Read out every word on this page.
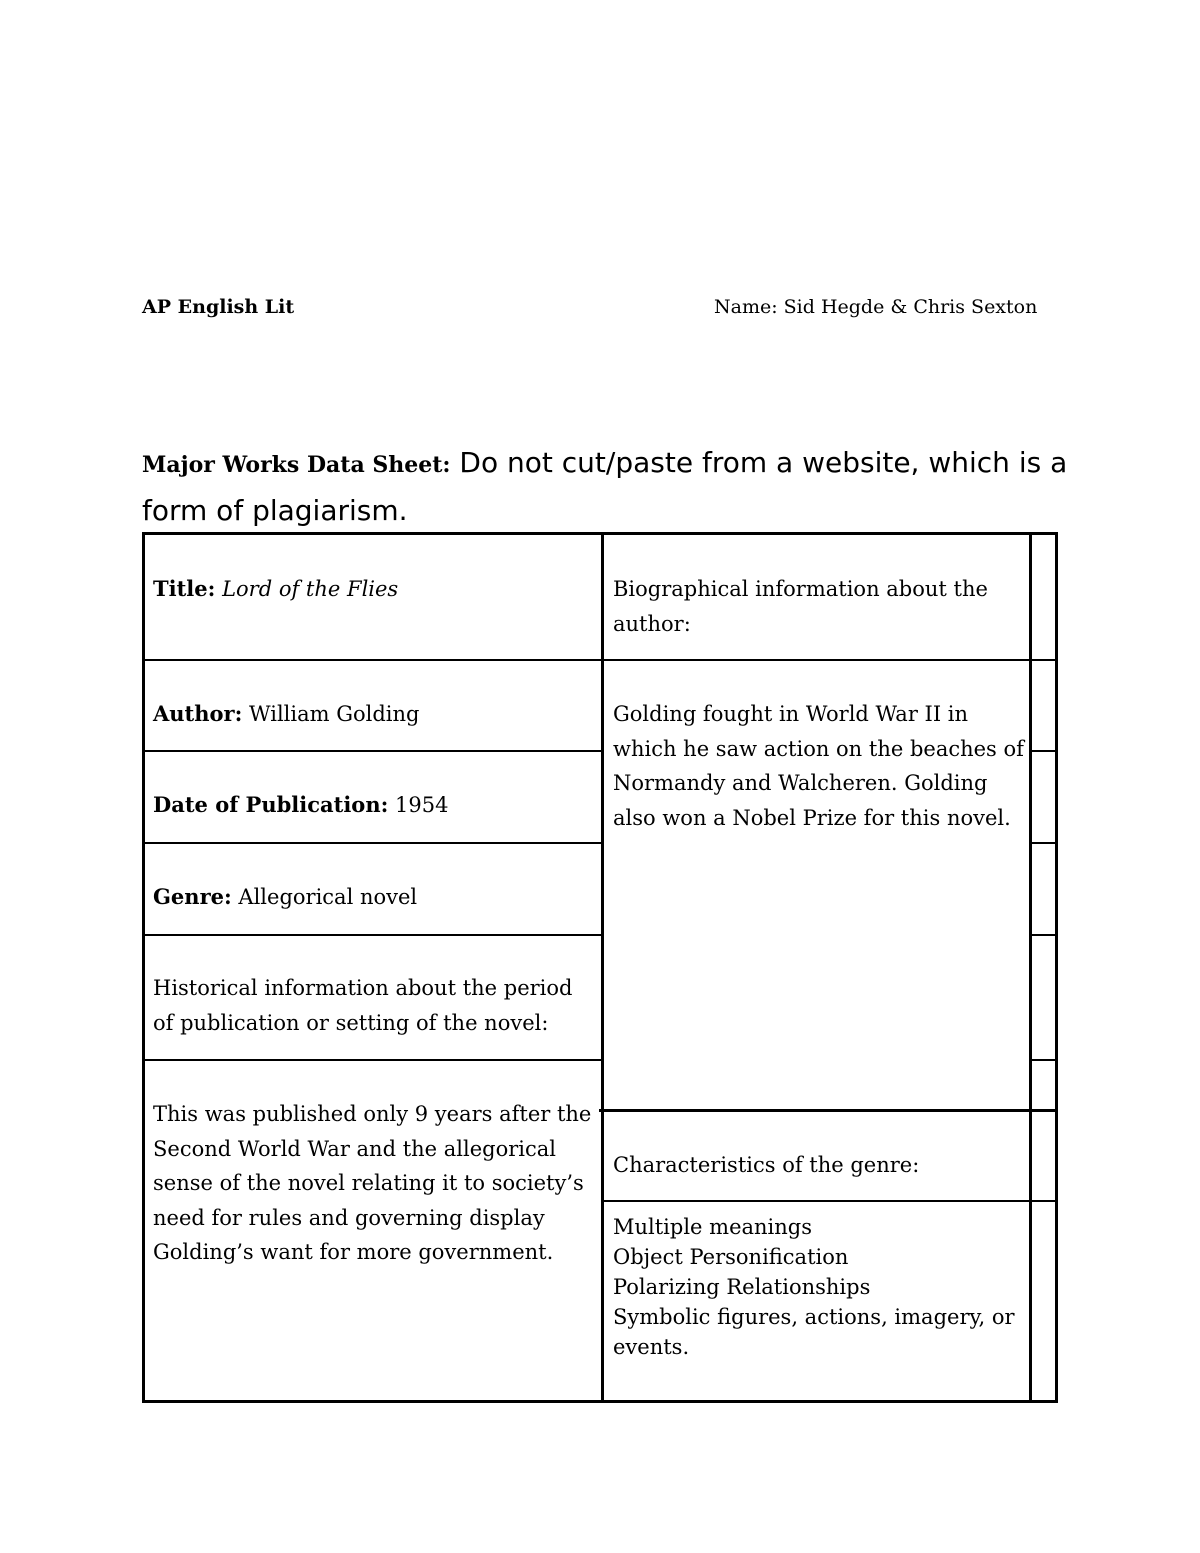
AP English Lit	Name: Sid Hegde & Chris Sexton
Major Works Data Sheet: Do not cut/paste from a website, which is a form of plagiarism.
Title: Lord of the Flies
Author: William Golding
Date of Publication: 1954
Genre: Allegorical novel
Historical information about the period of publication or setting of the novel:
This was published only 9 years after the Second World War and the allegorical sense of the novel relating it to society’s need for rules and governing display Golding’s want for more government.
Biographical information about the author:
Golding fought in World War II in which he saw action on the beaches of Normandy and Walcheren. Golding also won a Nobel Prize for this novel.
Characteristics of the genre:
Multiple meanings
Object Personification
Polarizing Relationships
Symbolic figures, actions, imagery, or events.
